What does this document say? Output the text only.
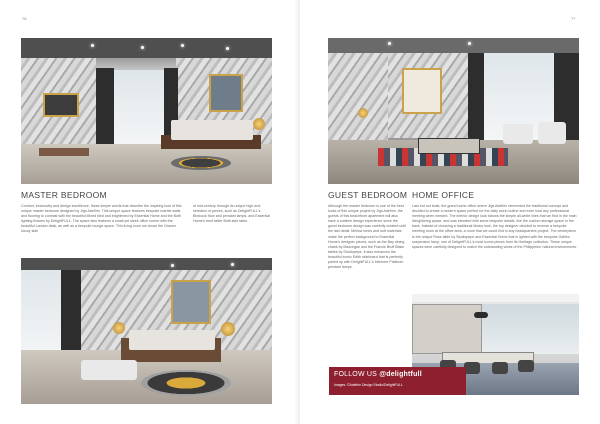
76
MASTER BEDROOM

Comfort, exclusivity and design excellence, these simple words that describe the inspiring look of this unique master bedroom designed by Jigs Adefirin. This unique space features bespoke marble walls and flooring to contrast with the beautiful Mixed tiled and brightened by Essential Home and the Botti lighting fixtures by DelightFULL. The space also features a small yet sleek office corner with the beautiful Landon desk, as well as a bespoke lounge space. This living room we chose the Graven luxury side

of mid-century through its unique high-end selection of pieces, such as DelightFULL's Birdcock floor and pendant lamps, and Essential Home's best seller Botti side table.

77
GUEST BEDROOM

Although the master bedroom is one of the best looks of this unique project by Jigs Adefirin, the guests of this beachfront apartment will also have a sublime design experience since the guest bedroom design was carefully created until the last detail. Mellow tones and soft materials make the perfect background to Essential Home's designer pieces, such as the Bay dining chairs by Mazzegan and the Francis Bruff Blake tables by Studiopepe. It also enhances the beautiful iconic Edith sideboard that is perfectly paired up with DelightFULL's Heimere Platinum pendant lamps.

HOME OFFICE

Last but not least, the grand home office where Jigs Adefirin reinvented the traditional concept and decided to create a modern space perfect for the daily work routine and even host any professional meeting when needed. The interior design look follows the simple all-white lines that we find in the main living/dining space, and was elevated with some bespoke details, like the custom storage space in the back. Instead of choosing a traditional library look, the top designer decided to reverse a bespoke meeting room at the office area, a room that we could find in any headquarters project. The centerpiece is the unique Ross table by Studiopepe and Essential Home that is lighted with the bespoke Galileo suspension lamp, one of DelightFULL's most iconic pieces from its Heritage collection. These unique spaces were carefully designed to match the outstanding views of the Philippines' natural environments.

FOLLOW US @delightfull
Images: ©Adefirin Design Studio/DelightFULL
